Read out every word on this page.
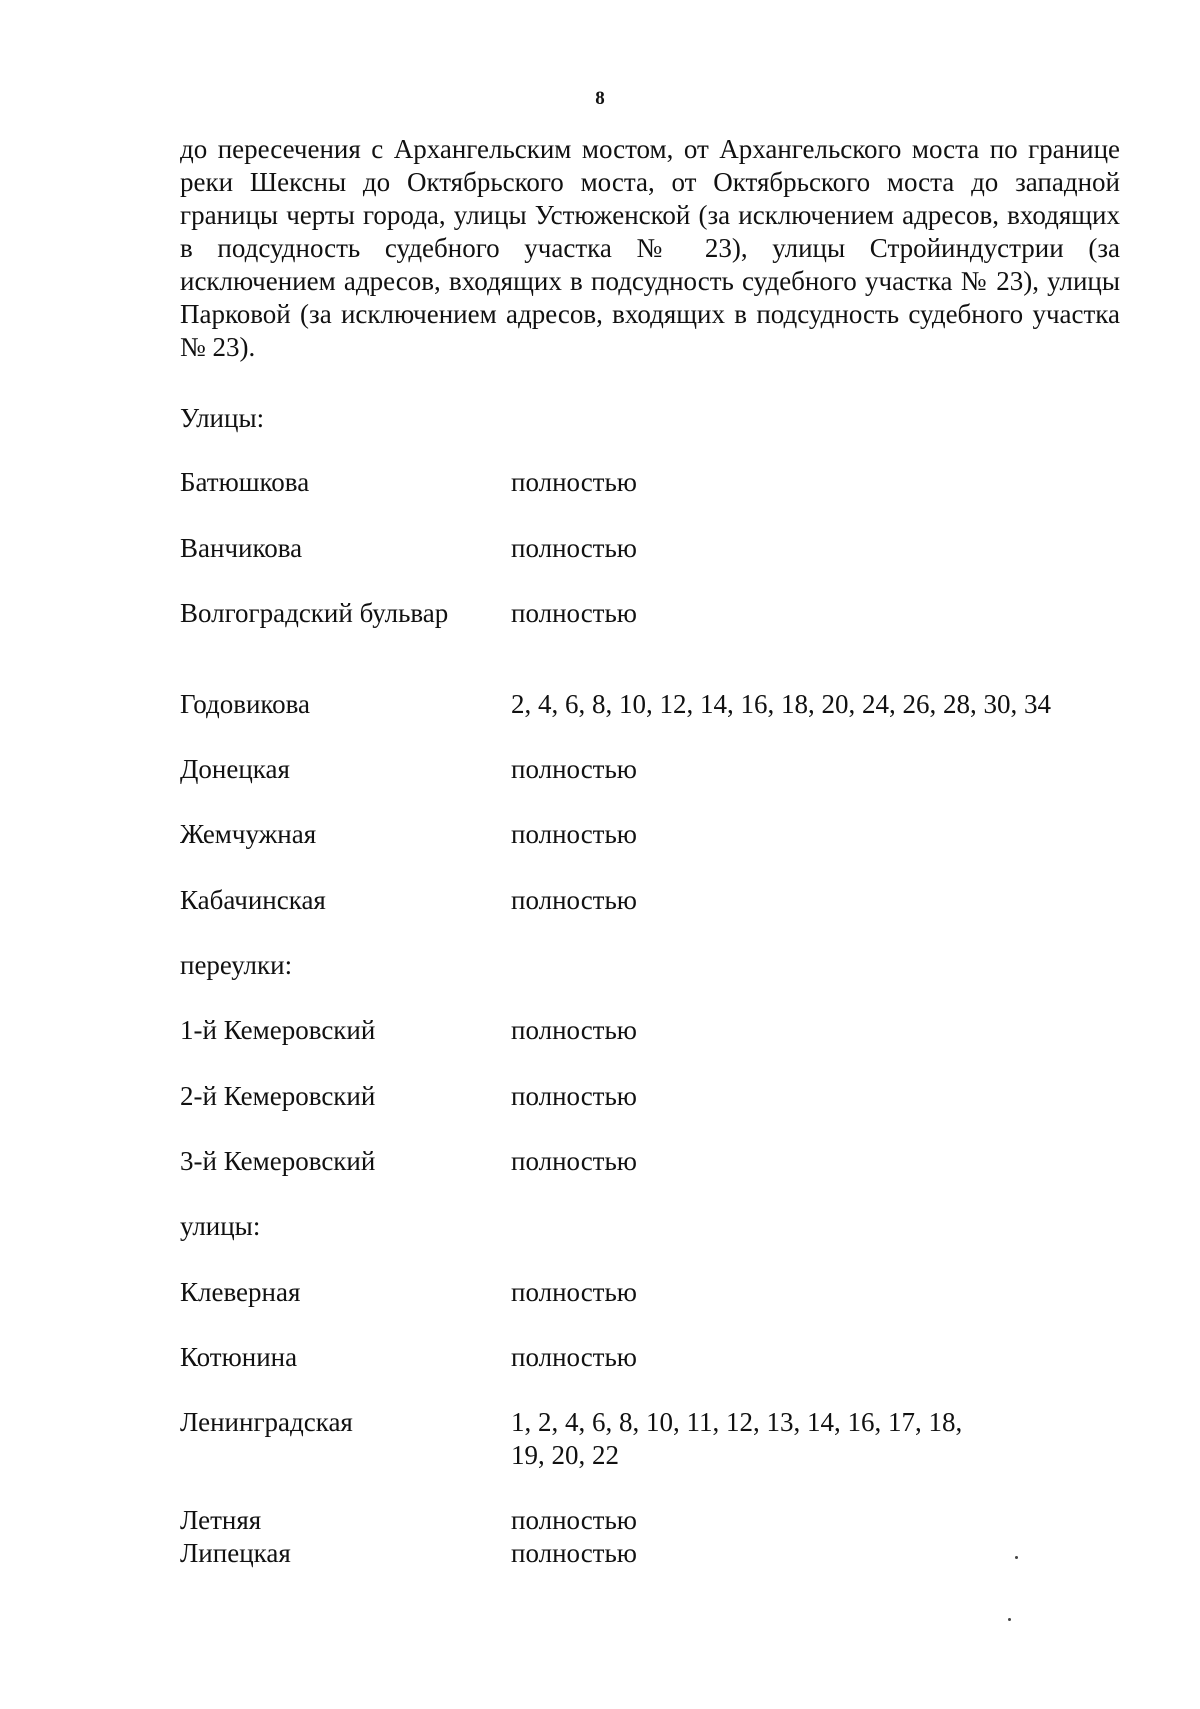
8

до пересечения с Архангельским мостом, от Архангельского моста по границе реки Шексны до Октябрьского моста, от Октябрьского моста до западной границы черты города, улицы Устюженской (за исключением адресов, входящих в подсудность судебного участка № 23), улицы Стройиндустрии (за исключением адресов, входящих в подсудность судебного участка № 23), улицы Парковой (за исключением адресов, входящих в подсудность судебного участка № 23).

Улицы:
Батюшкова	полностью
Ванчикова	полностью
Волгоградский бульвар	полностью
Годовикова	2, 4, 6, 8, 10, 12, 14, 16, 18, 20, 24, 26, 28, 30, 34
Донецкая	полностью
Жемчужная	полностью
Кабачинская	полностью
переулки:
1-й Кемеровский	полностью
2-й Кемеровский	полностью
3-й Кемеровский	полностью
улицы:
Клеверная	полностью
Котюнина	полностью
Ленинградская	1, 2, 4, 6, 8, 10, 11, 12, 13, 14, 16, 17, 18, 19, 20, 22
Летняя	полностью
Липецкая	полностью
